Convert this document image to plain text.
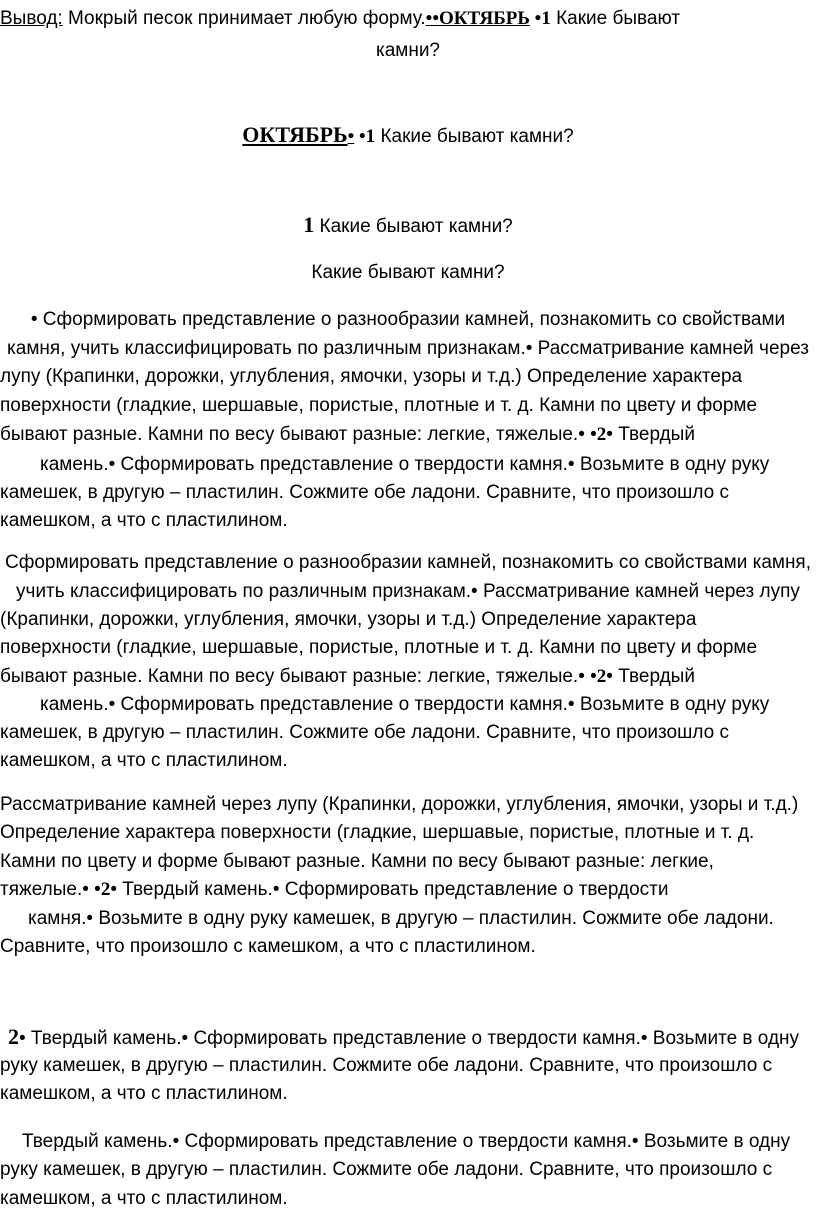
Вывод: Мокрый песок принимает любую форму.••ОКТЯБРЬ •1 Какие бывают
камни?
ОКТЯБРЬ• •1 Какие бывают камни?
1 Какие бывают камни?
Какие бывают камни?
• Сформировать представление о разнообразии камней, познакомить со свойствами
камня, учить классифицировать по различным признакам.• Рассматривание камней через
лупу (Крапинки, дорожки, углубления, ямочки, узоры и т.д.) Определение характера
поверхности (гладкие, шершавые, пористые, плотные и т. д. Камни по цвету и форме
бывают разные. Камни по весу бывают разные: легкие, тяжелые.• •2• Твердый
камень.• Сформировать представление о твердости камня.• Возьмите в одну руку
камешек, в другую – пластилин. Сожмите обе ладони. Сравните, что произошло с
камешком, а что с пластилином.
Сформировать представление о разнообразии камней, познакомить со свойствами камня,
учить классифицировать по различным признакам.• Рассматривание камней через лупу
(Крапинки, дорожки, углубления, ямочки, узоры и т.д.) Определение характера
поверхности (гладкие, шершавые, пористые, плотные и т. д. Камни по цвету и форме
бывают разные. Камни по весу бывают разные: легкие, тяжелые.• •2• Твердый
камень.• Сформировать представление о твердости камня.• Возьмите в одну руку
камешек, в другую – пластилин. Сожмите обе ладони. Сравните, что произошло с
камешком, а что с пластилином.
Рассматривание камней через лупу (Крапинки, дорожки, углубления, ямочки, узоры и т.д.)
Определение характера поверхности (гладкие, шершавые, пористые, плотные и т. д.
Камни по цвету и форме бывают разные. Камни по весу бывают разные: легкие,
тяжелые.• •2• Твердый камень.• Сформировать представление о твердости
камня.• Возьмите в одну руку камешек, в другую – пластилин. Сожмите обе ладони.
Сравните, что произошло с камешком, а что с пластилином.
2• Твердый камень.• Сформировать представление о твердости камня.• Возьмите в одну
руку камешек, в другую – пластилин. Сожмите обе ладони. Сравните, что произошло с
камешком, а что с пластилином.
Твердый камень.• Сформировать представление о твердости камня.• Возьмите в одну
руку камешек, в другую – пластилин. Сожмите обе ладони. Сравните, что произошло с
камешком, а что с пластилином.
